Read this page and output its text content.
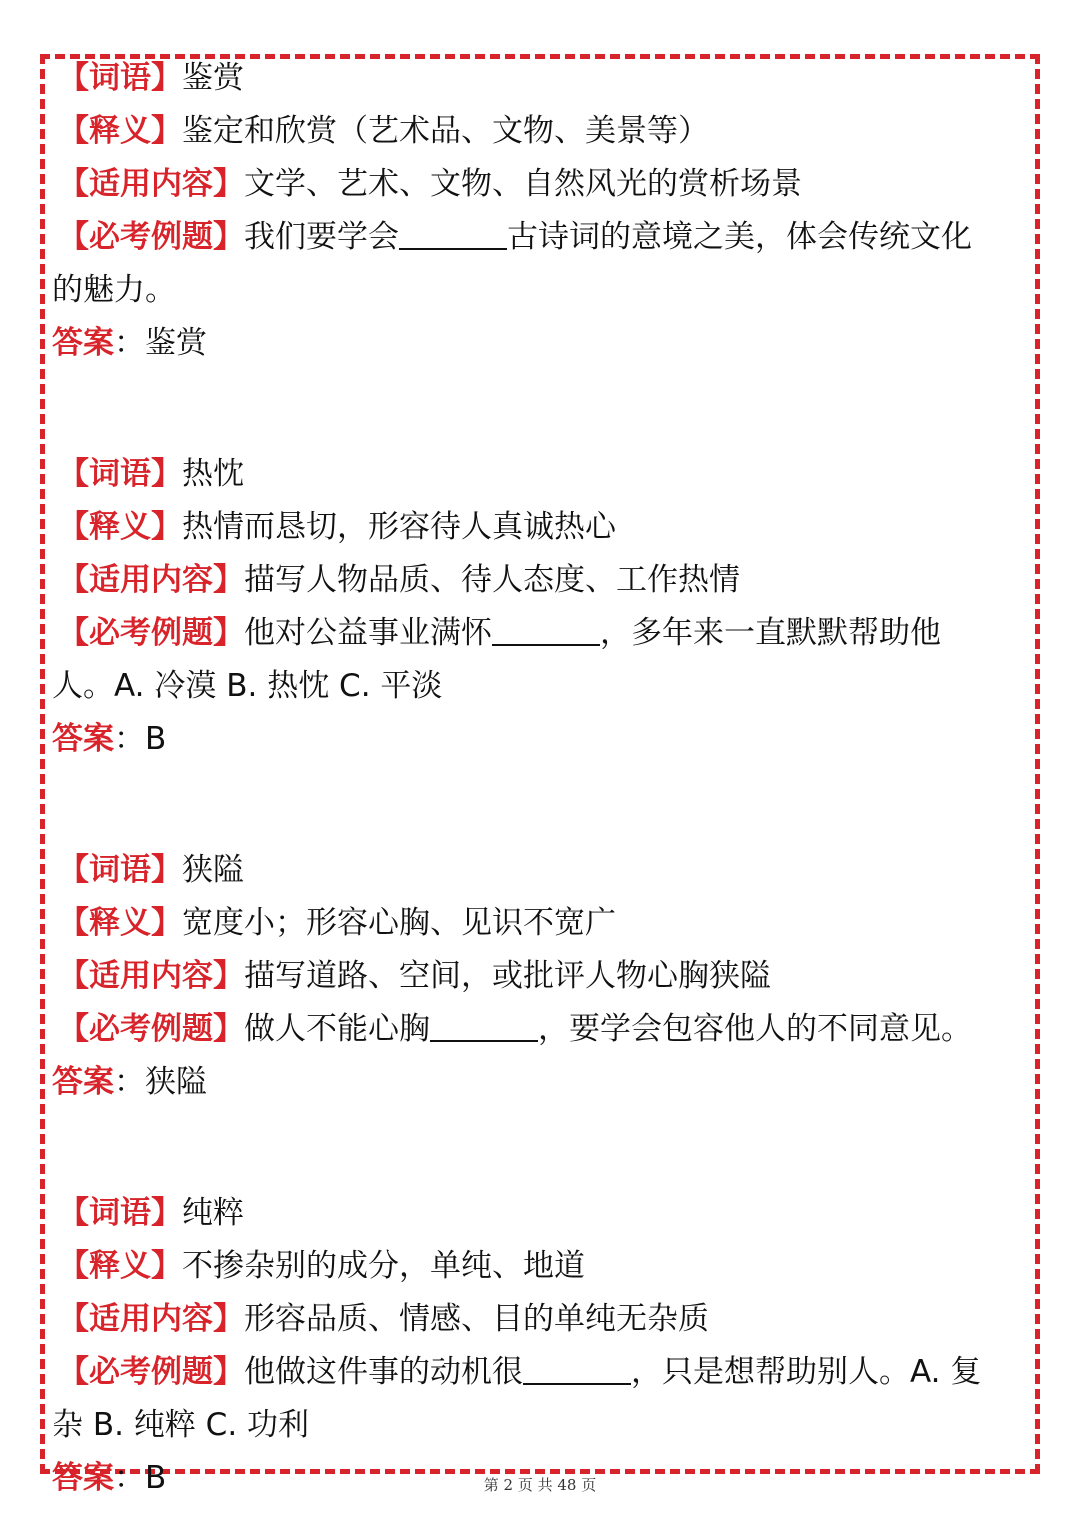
【词语】鉴赏
【释义】鉴定和欣赏（艺术品、文物、美景等）
【适用内容】文学、艺术、文物、自然风光的赏析场景
【必考例题】我们要学会	古诗词的意境之美，体会传统文化
的魅力。
答案：鉴赏
【词语】热忱
【释义】热情而恳切，形容待人真诚热心
【适用内容】描写人物品质、待人态度、工作热情
【必考例题】他对公益事业满怀	，多年来一直默默帮助他
人。A. 冷漠 B. 热忱 C. 平淡
答案：B
【词语】狭隘
【释义】宽度小；形容心胸、见识不宽广
【适用内容】描写道路、空间，或批评人物心胸狭隘
【必考例题】做人不能心胸	，要学会包容他人的不同意见。
答案：狭隘
【词语】纯粹
【释义】不掺杂别的成分，单纯、地道
【适用内容】形容品质、情感、目的单纯无杂质
【必考例题】他做这件事的动机很	，只是想帮助别人。A. 复
杂 B. 纯粹 C. 功利
答案：B	第 2 页 共 48 页
